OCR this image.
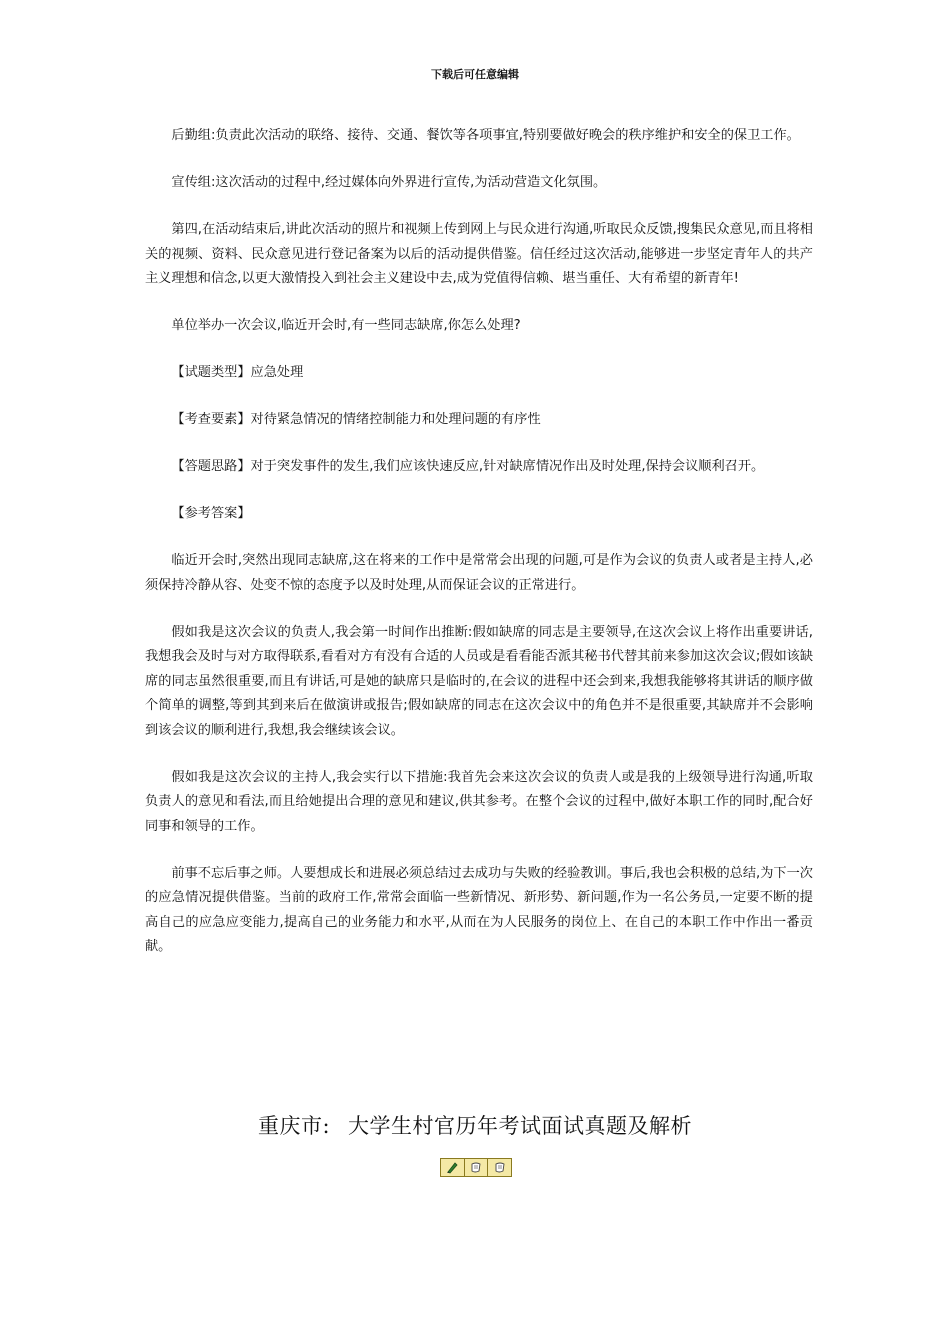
下载后可任意编辑

后勤组:负责此次活动的联络、接待、交通、餐饮等各项事宜,特别要做好晚会的秩序维护和安全的保卫工作。

宣传组:这次活动的过程中,经过媒体向外界进行宣传,为活动营造文化氛围。

第四,在活动结束后,讲此次活动的照片和视频上传到网上与民众进行沟通,听取民众反馈,搜集民众意见,而且将相关的视频、资料、民众意见进行登记备案为以后的活动提供借鉴。信任经过这次活动,能够进一步坚定青年人的共产主义理想和信念,以更大激情投入到社会主义建设中去,成为党值得信赖、堪当重任、大有希望的新青年!

单位举办一次会议,临近开会时,有一些同志缺席,你怎么处理?

【试题类型】应急处理

【考查要素】对待紧急情况的情绪控制能力和处理问题的有序性

【答题思路】对于突发事件的发生,我们应该快速反应,针对缺席情况作出及时处理,保持会议顺利召开。

【参考答案】

临近开会时,突然出现同志缺席,这在将来的工作中是常常会出现的问题,可是作为会议的负责人或者是主持人,必须保持冷静从容、处变不惊的态度予以及时处理,从而保证会议的正常进行。

假如我是这次会议的负责人,我会第一时间作出推断:假如缺席的同志是主要领导,在这次会议上将作出重要讲话,我想我会及时与对方取得联系,看看对方有没有合适的人员或是看看能否派其秘书代替其前来参加这次会议;假如该缺席的同志虽然很重要,而且有讲话,可是她的缺席只是临时的,在会议的进程中还会到来,我想我能够将其讲话的顺序做个简单的调整,等到其到来后在做演讲或报告;假如缺席的同志在这次会议中的角色并不是很重要,其缺席并不会影响到该会议的顺利进行,我想,我会继续该会议。

假如我是这次会议的主持人,我会实行以下措施:我首先会来这次会议的负责人或是我的上级领导进行沟通,听取负责人的意见和看法,而且给她提出合理的意见和建议,供其参考。在整个会议的过程中,做好本职工作的同时,配合好同事和领导的工作。

前事不忘后事之师。人要想成长和进展必须总结过去成功与失败的经验教训。事后,我也会积极的总结,为下一次的应急情况提供借鉴。当前的政府工作,常常会面临一些新情况、新形势、新问题,作为一名公务员,一定要不断的提高自己的应急应变能力,提高自己的业务能力和水平,从而在为人民服务的岗位上、在自己的本职工作中作出一番贡献。

重庆市: 大学生村官历年考试面试真题及解析
